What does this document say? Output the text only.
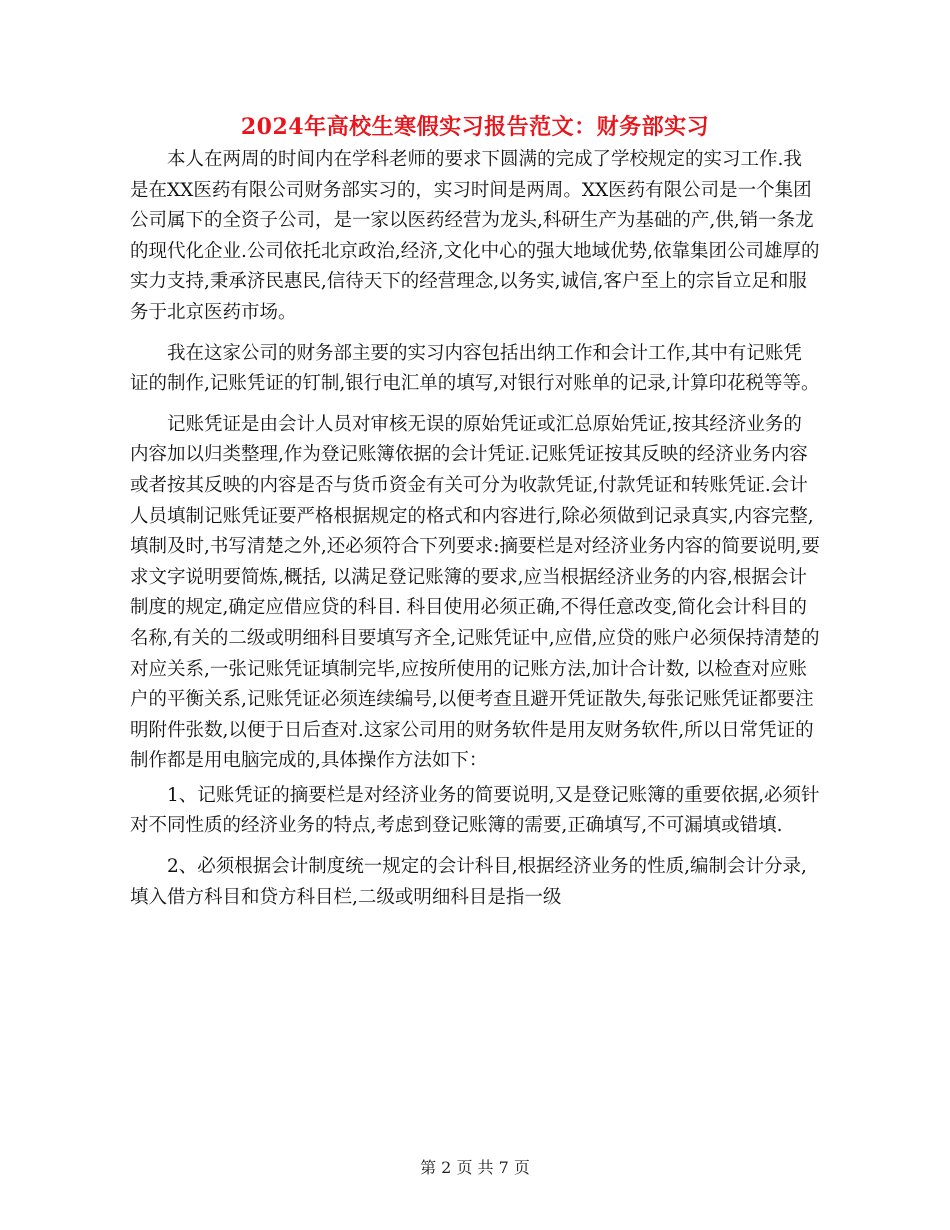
2024年高校生寒假实习报告范文：财务部实习

本人在两周的时间内在学科老师的要求下圆满的完成了学校规定的实习工作.我是在XX医药有限公司财务部实习的，实习时间是两周。XX医药有限公司是一个集团公司属下的全资子公司，是一家以医药经营为龙头,科研生产为基础的产,供,销一条龙的现代化企业.公司依托北京政治,经济,文化中心的强大地域优势,依靠集团公司雄厚的实力支持,秉承济民惠民,信待天下的经营理念,以务实,诚信,客户至上的宗旨立足和服务于北京医药市场。

我在这家公司的财务部主要的实习内容包括出纳工作和会计工作,其中有记账凭证的制作,记账凭证的钉制,银行电汇单的填写,对银行对账单的记录,计算印花税等等。

记账凭证是由会计人员对审核无误的原始凭证或汇总原始凭证,按其经济业务的内容加以归类整理,作为登记账簿依据的会计凭证.记账凭证按其反映的经济业务内容或者按其反映的内容是否与货币资金有关可分为收款凭证,付款凭证和转账凭证.会计人员填制记账凭证要严格根据规定的格式和内容进行,除必须做到记录真实,内容完整,填制及时,书写清楚之外,还必须符合下列要求:摘要栏是对经济业务内容的简要说明,要求文字说明要简炼,概括, 以满足登记账簿的要求,应当根据经济业务的内容,根据会计制度的规定,确定应借应贷的科目. 科目使用必须正确,不得任意改变,简化会计科目的名称,有关的二级或明细科目要填写齐全,记账凭证中,应借,应贷的账户必须保持清楚的对应关系,一张记账凭证填制完毕,应按所使用的记账方法,加计合计数, 以检查对应账户的平衡关系,记账凭证必须连续编号,以便考查且避开凭证散失,每张记账凭证都要注明附件张数,以便于日后查对.这家公司用的财务软件是用友财务软件,所以日常凭证的制作都是用电脑完成的,具体操作方法如下：

1、记账凭证的摘要栏是对经济业务的简要说明,又是登记账簿的重要依据,必须针对不同性质的经济业务的特点,考虑到登记账簿的需要,正确填写,不可漏填或错填.

2、必须根据会计制度统一规定的会计科目,根据经济业务的性质,编制会计分录,填入借方科目和贷方科目栏,二级或明细科目是指一级

第 2 页 共 7 页
